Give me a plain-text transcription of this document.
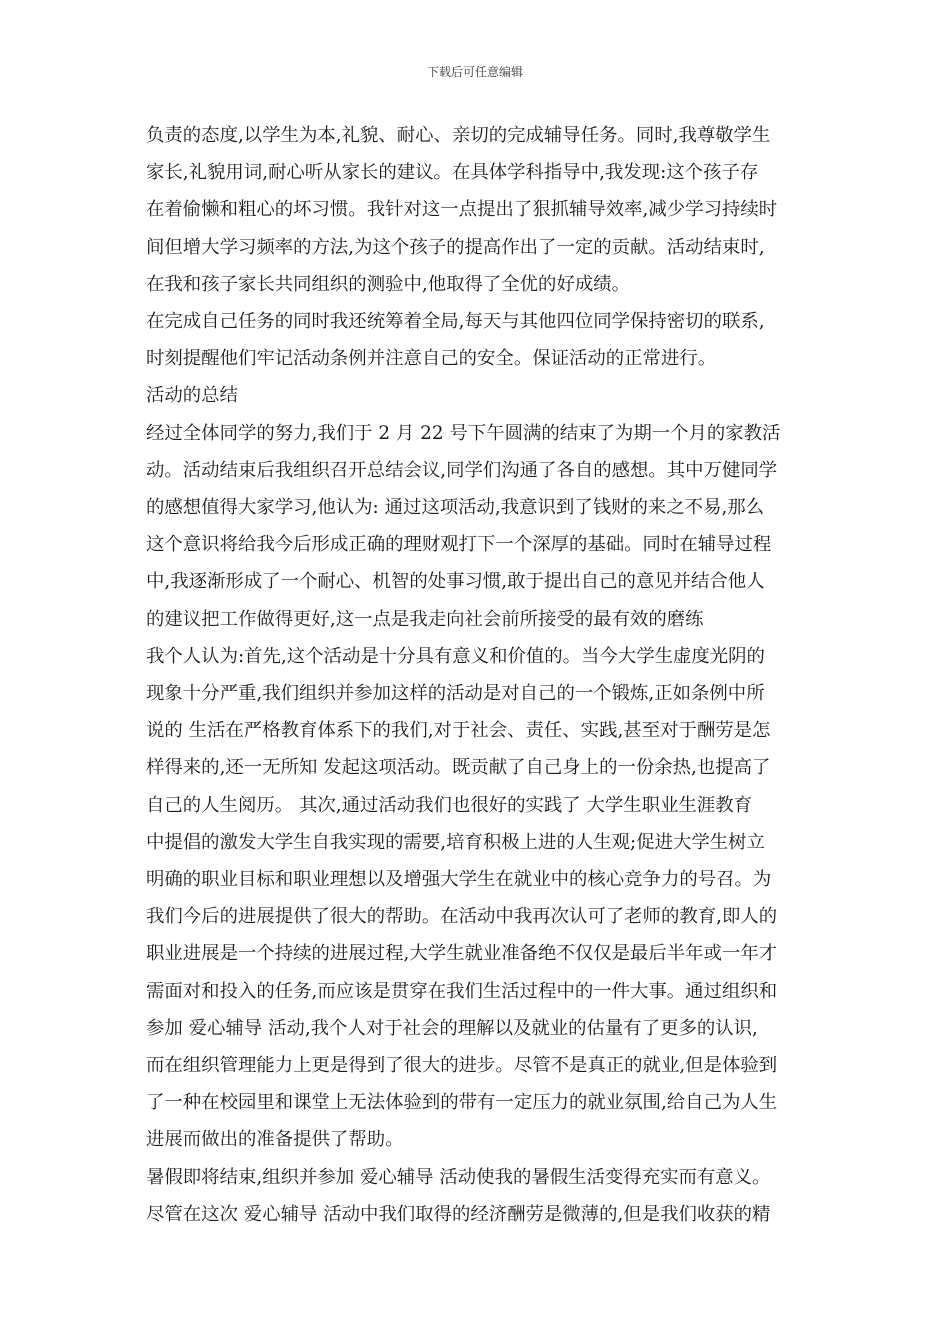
下载后可任意编辑
负责的态度,以学生为本,礼貌、耐心、亲切的完成辅导任务。同时,我尊敬学生
家长,礼貌用词,耐心听从家长的建议。在具体学科指导中,我发现:这个孩子存
在着偷懒和粗心的坏习惯。我针对这一点提出了狠抓辅导效率,减少学习持续时
间但增大学习频率的方法,为这个孩子的提高作出了一定的贡献。活动结束时,
在我和孩子家长共同组织的测验中,他取得了全优的好成绩。
在完成自己任务的同时我还统筹着全局,每天与其他四位同学保持密切的联系,
时刻提醒他们牢记活动条例并注意自己的安全。保证活动的正常进行。
活动的总结
经过全体同学的努力,我们于 2 月 22 号下午圆满的结束了为期一个月的家教活
动。活动结束后我组织召开总结会议,同学们沟通了各自的感想。其中万健同学
的感想值得大家学习,他认为: 通过这项活动,我意识到了钱财的来之不易,那么
这个意识将给我今后形成正确的理财观打下一个深厚的基础。同时在辅导过程
中,我逐渐形成了一个耐心、机智的处事习惯,敢于提出自己的意见并结合他人
的建议把工作做得更好,这一点是我走向社会前所接受的最有效的磨练
我个人认为:首先,这个活动是十分具有意义和价值的。当今大学生虚度光阴的
现象十分严重,我们组织并参加这样的活动是对自己的一个锻炼,正如条例中所
说的 生活在严格教育体系下的我们,对于社会、责任、实践,甚至对于酬劳是怎
样得来的,还一无所知 发起这项活动。既贡献了自己身上的一份余热,也提高了
自己的人生阅历。 其次,通过活动我们也很好的实践了 大学生职业生涯教育
中提倡的激发大学生自我实现的需要,培育积极上进的人生观;促进大学生树立
明确的职业目标和职业理想以及增强大学生在就业中的核心竞争力的号召。为
我们今后的进展提供了很大的帮助。在活动中我再次认可了老师的教育,即人的
职业进展是一个持续的进展过程,大学生就业准备绝不仅仅是最后半年或一年才
需面对和投入的任务,而应该是贯穿在我们生活过程中的一件大事。通过组织和
参加 爱心辅导 活动,我个人对于社会的理解以及就业的估量有了更多的认识,
而在组织管理能力上更是得到了很大的进步。尽管不是真正的就业,但是体验到
了一种在校园里和课堂上无法体验到的带有一定压力的就业氛围,给自己为人生
进展而做出的准备提供了帮助。
暑假即将结束,组织并参加 爱心辅导 活动使我的暑假生活变得充实而有意义。
尽管在这次 爱心辅导 活动中我们取得的经济酬劳是微薄的,但是我们收获的精
